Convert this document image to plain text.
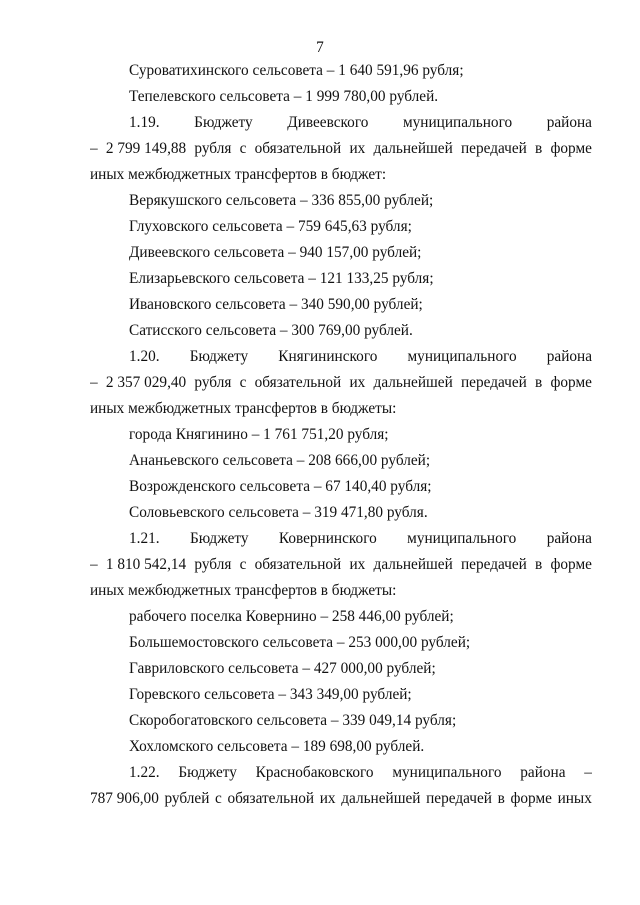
7
Суроватихинского сельсовета – 1 640 591,96 рубля;
Тепелевского сельсовета – 1 999 780,00 рублей.
1.19. Бюджету Дивеевского муниципального района
– 2 799 149,88 рубля с обязательной их дальнейшей передачей в форме
иных межбюджетных трансфертов в бюджет:
Верякушского сельсовета – 336 855,00 рублей;
Глуховского сельсовета – 759 645,63 рубля;
Дивеевского сельсовета – 940 157,00 рублей;
Елизарьевского сельсовета – 121 133,25 рубля;
Ивановского сельсовета – 340 590,00 рублей;
Сатисского сельсовета – 300 769,00 рублей.
1.20. Бюджету Княгининского муниципального района
– 2 357 029,40 рубля с обязательной их дальнейшей передачей в форме
иных межбюджетных трансфертов в бюджеты:
города Княгинино – 1 761 751,20 рубля;
Ананьевского сельсовета – 208 666,00 рублей;
Возрожденского сельсовета – 67 140,40 рубля;
Соловьевского сельсовета – 319 471,80 рубля.
1.21. Бюджету Ковернинского муниципального района
– 1 810 542,14 рубля с обязательной их дальнейшей передачей в форме
иных межбюджетных трансфертов в бюджеты:
рабочего поселка Ковернино – 258 446,00 рублей;
Большемостовского сельсовета – 253 000,00 рублей;
Гавриловского сельсовета – 427 000,00 рублей;
Горевского сельсовета – 343 349,00 рублей;
Скоробогатовского сельсовета – 339 049,14 рубля;
Хохломского сельсовета – 189 698,00 рублей.
1.22. Бюджету Краснобаковского муниципального района –
787 906,00 рублей с обязательной их дальнейшей передачей в форме иных
